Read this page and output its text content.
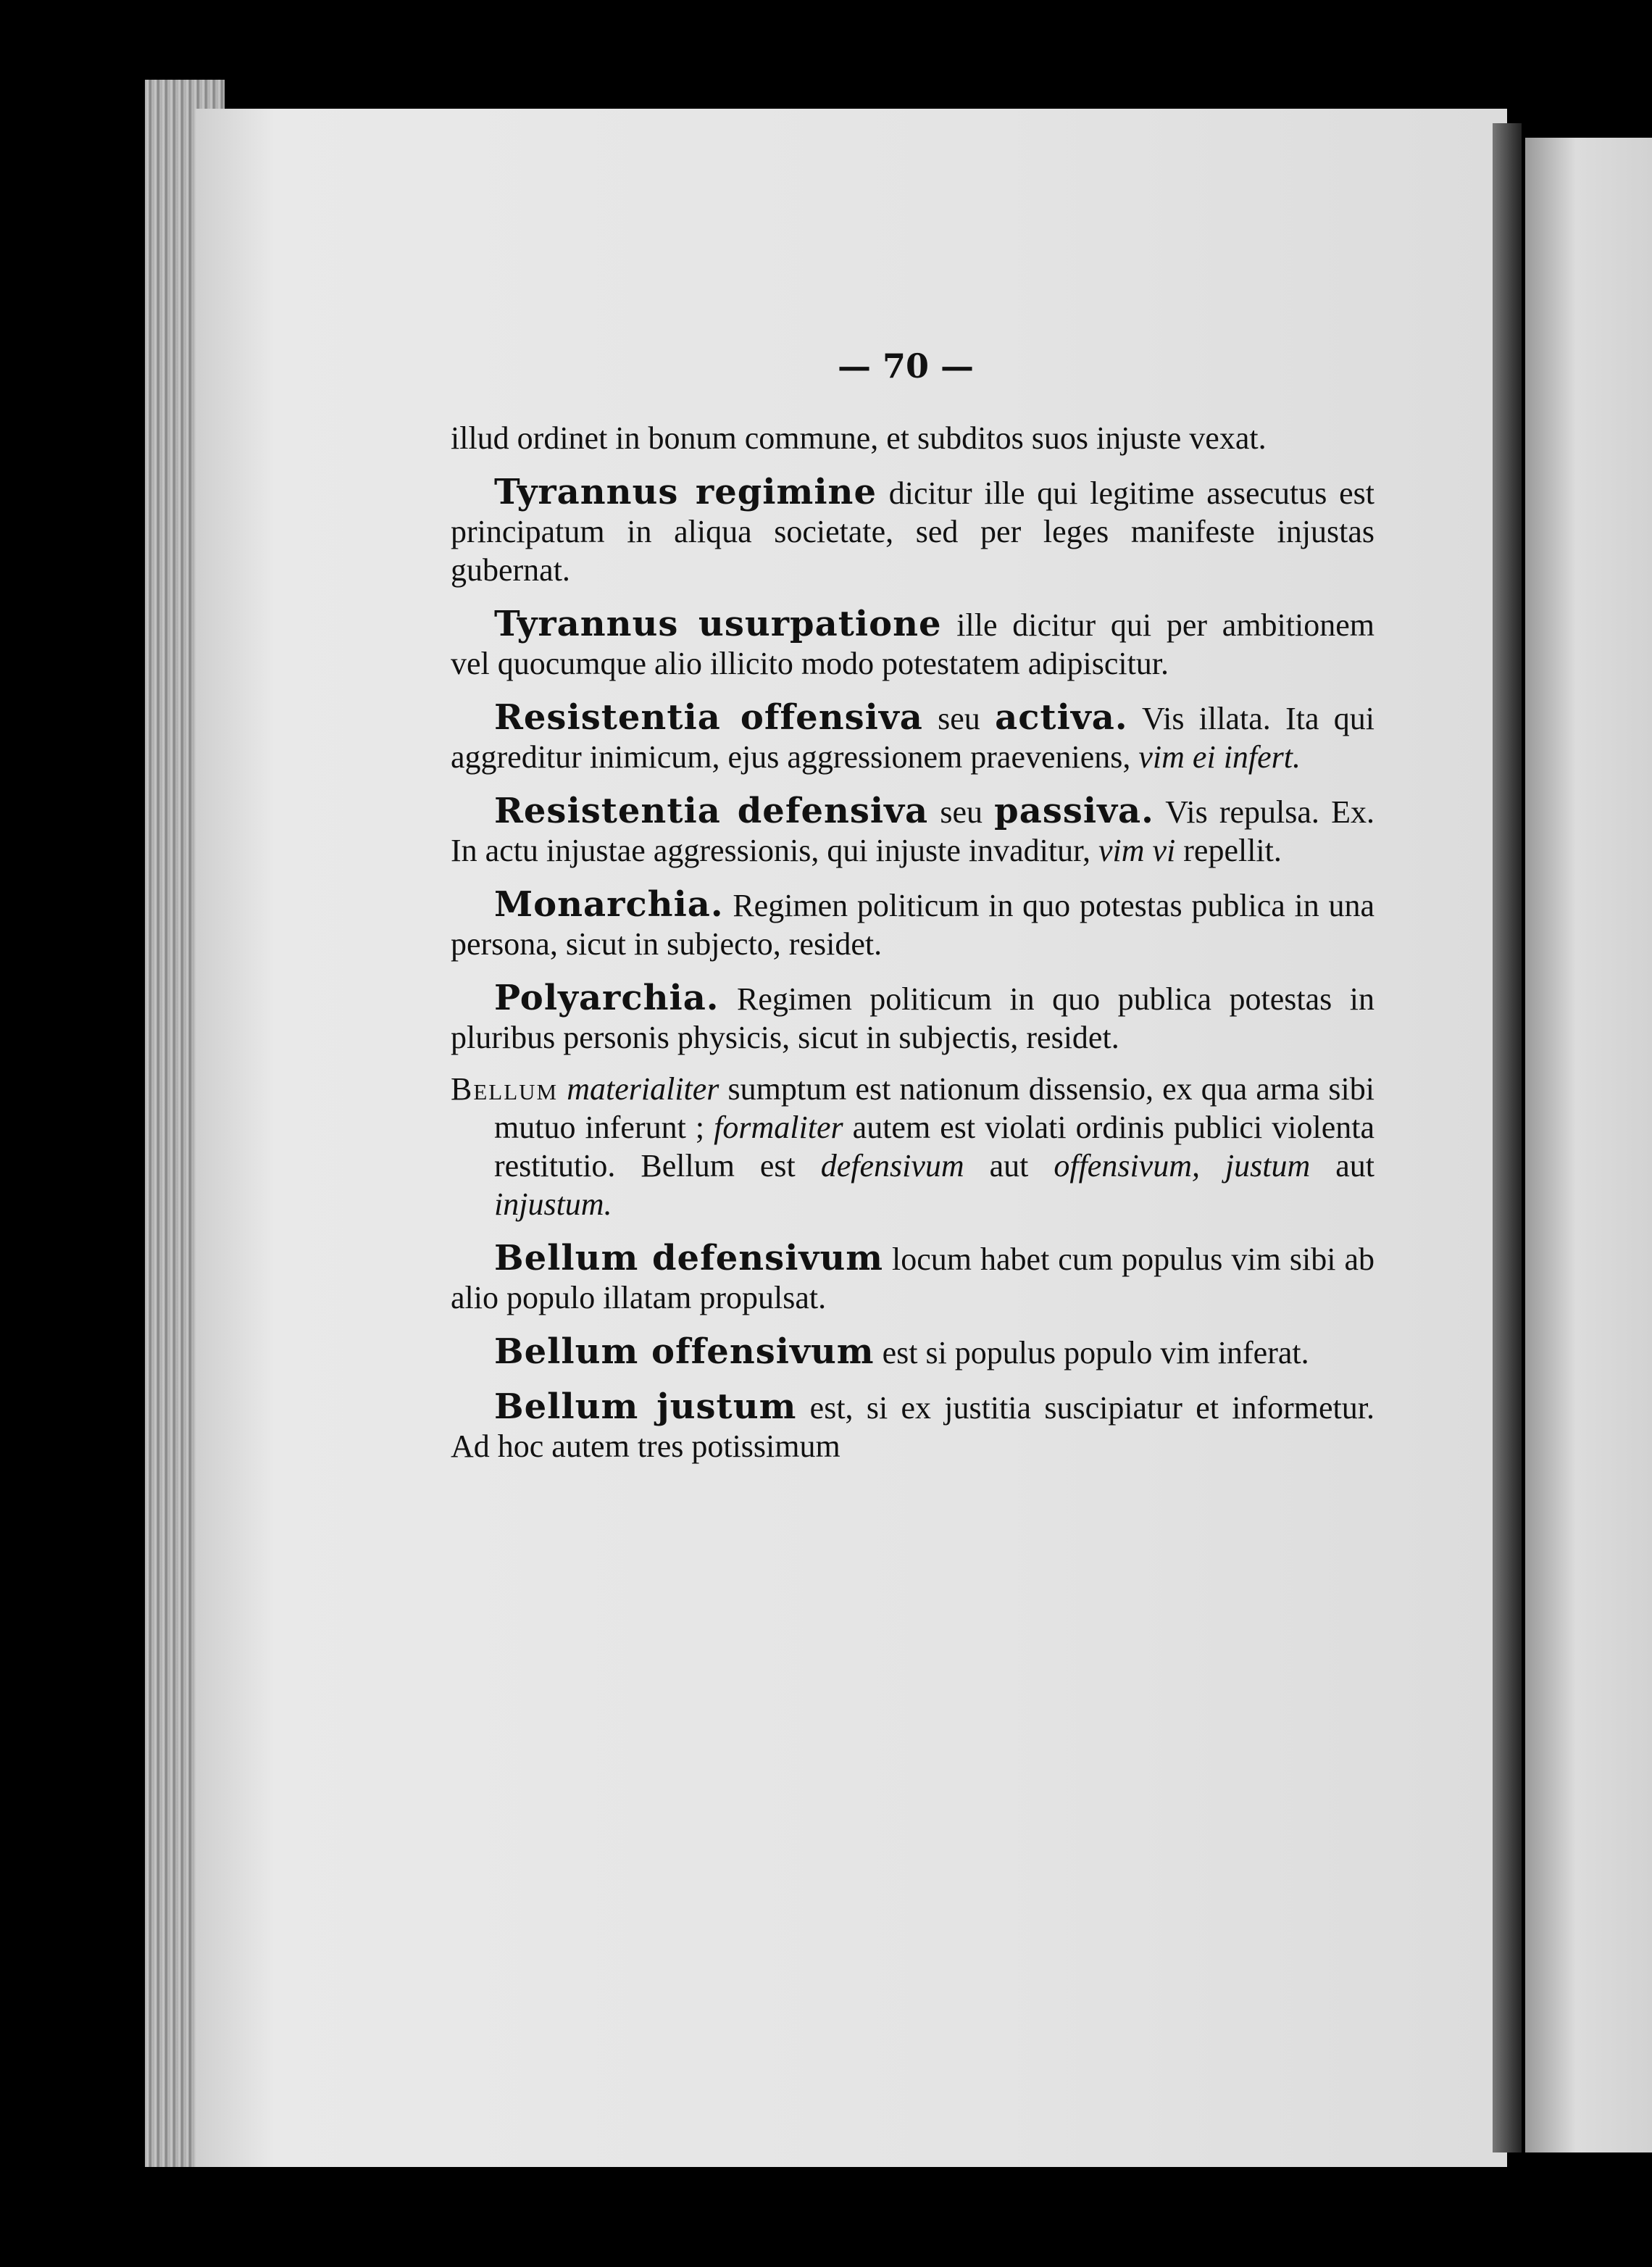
— 70 —

illud ordinet in bonum commune, et subditos suos injuste vexat.

Tyrannus regimine dicitur ille qui legitime assecutus est principatum in aliqua societate, sed per leges manifeste injustas gubernat.

Tyrannus usurpatione ille dicitur qui per ambitionem vel quocumque alio illicito modo potestatem adipiscitur.

Resistentia offensiva seu activa. Vis illata. Ita qui aggreditur inimicum, ejus aggressionem praeveniens, vim ei infert.

Resistentia defensiva seu passiva. Vis repulsa. Ex. In actu injustae aggressionis, qui injuste invaditur, vim vi repellit.

Monarchia. Regimen politicum in quo potestas publica in una persona, sicut in subjecto, residet.

Polyarchia. Regimen politicum in quo publica potestas in pluribus personis physicis, sicut in subjectis, residet.

Bellum materialiter sumptum est nationum dissensio, ex qua arma sibi mutuo inferunt ; formaliter autem est violati ordinis publici violenta restitutio. Bellum est defensivum aut offensivum, justum aut injustum.

Bellum defensivum locum habet cum populus vim sibi ab alio populo illatam propulsat.

Bellum offensivum est si populus populo vim inferat.

Bellum justum est, si ex justitia suscipiatur et informetur. Ad hoc autem tres potissimum
